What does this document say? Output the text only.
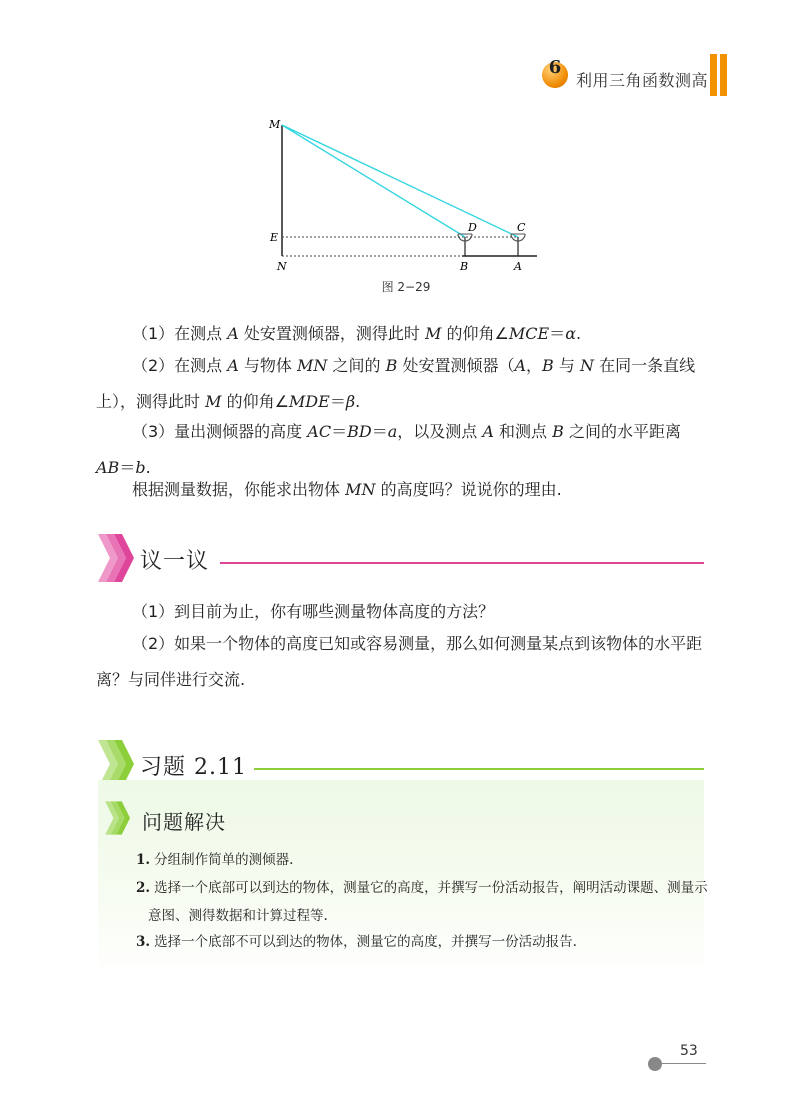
6
利用三角函数测高
M
E
N
D	C
B	A
图 2−29
（1）在测点 A 处安置测倾器，测得此时 M 的仰角∠MCE＝α.
（2）在测点 A 与物体 MN 之间的 B 处安置测倾器（A，B 与 N 在同一条直线上），测得此时 M 的仰角∠MDE＝β.
（3）量出测倾器的高度 AC＝BD＝a，以及测点 A 和测点 B 之间的水平距离 AB＝b.
根据测量数据，你能求出物体 MN 的高度吗？说说你的理由.
议一议
（1）到目前为止，你有哪些测量物体高度的方法？
（2）如果一个物体的高度已知或容易测量，那么如何测量某点到该物体的水平距离？与同伴进行交流.
习题 2.11
问题解决
1. 分组制作简单的测倾器.
2. 选择一个底部可以到达的物体，测量它的高度，并撰写一份活动报告，阐明活动课题、测量示意图、测得数据和计算过程等.
3. 选择一个底部不可以到达的物体，测量它的高度，并撰写一份活动报告.
53
